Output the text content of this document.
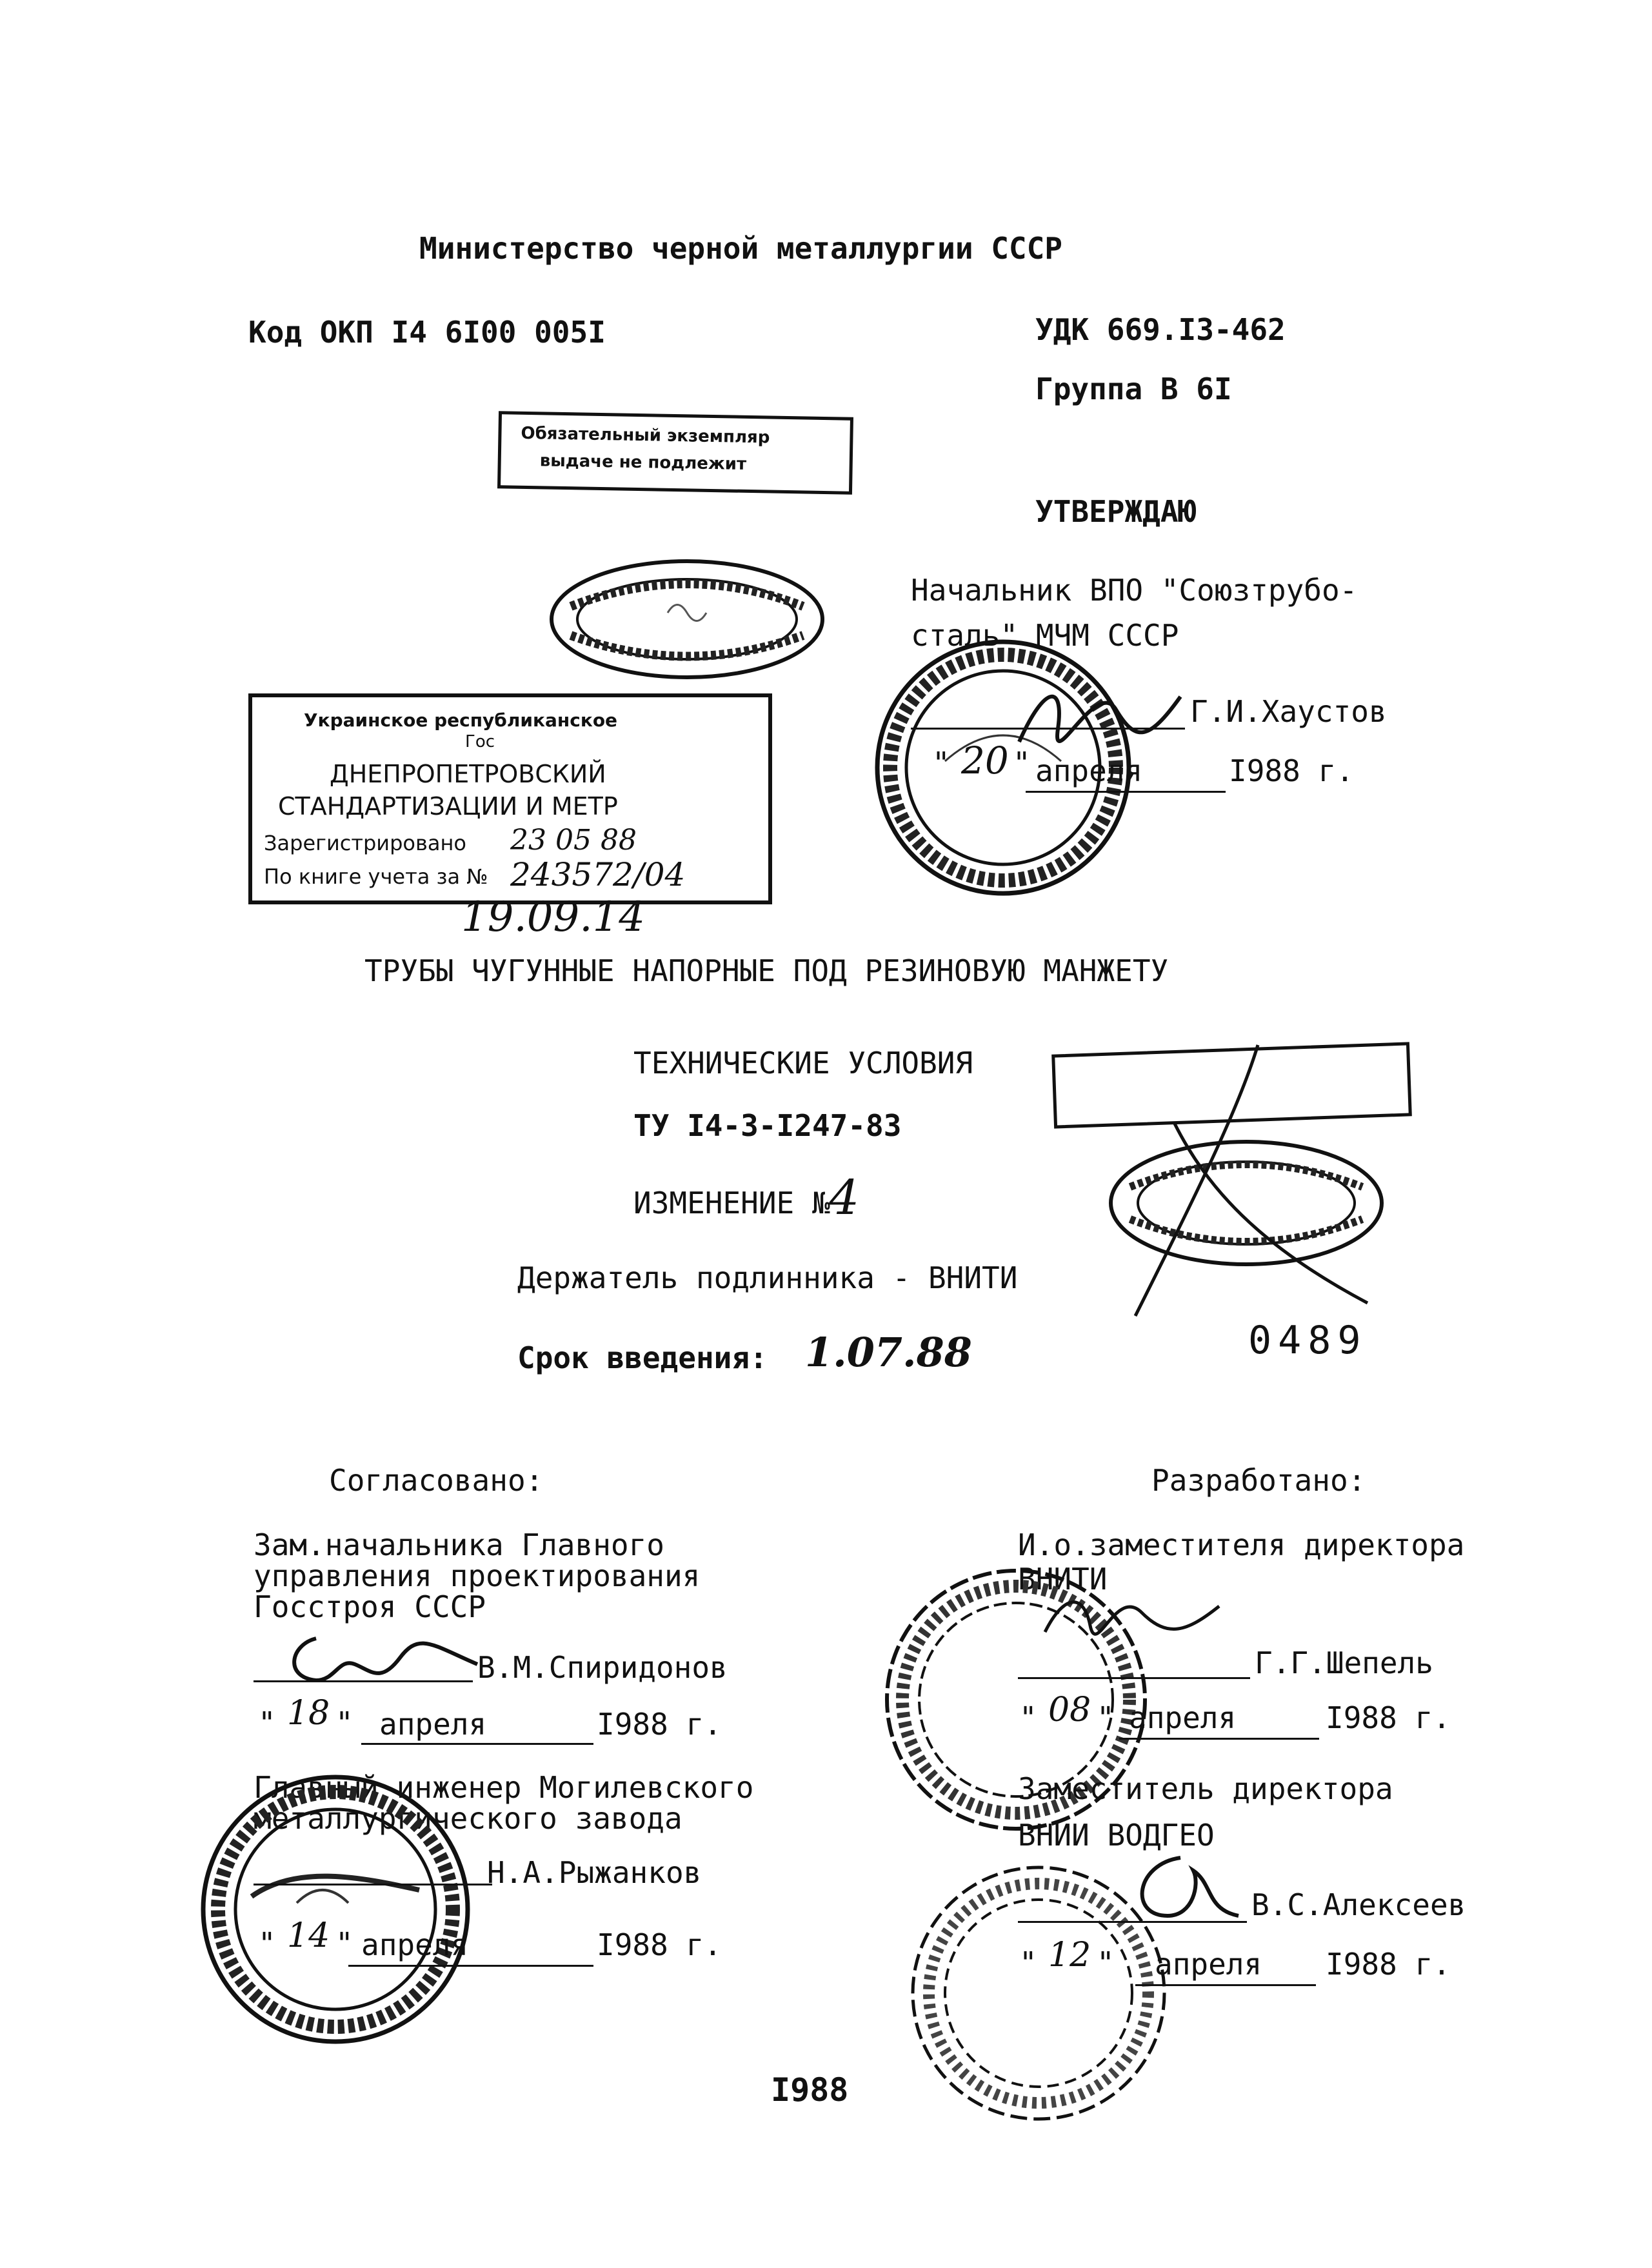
Министерство черной металлургии СССР
Код ОКП I4 6I00 005I	УДК 669.I3-462
Группа В 6I
Обязательный экземпляр
выдаче не подлежит
УТВЕРЖДАЮ
Начальник ВПО "Союзтрубо-
сталь" МЧМ СССР
Украинское республиканское
Гос
ДНЕПРОПЕТРОВСКИЙ
СТАНДАРТИЗАЦИИ И МЕТР
Зарегистрировано 23 05 88
По книге учета за № 243572/04
19.09.14
Г.И.Хаустов
20
" " апреля	I988 г.
ТРУБЫ ЧУГУННЫЕ НАПОРНЫЕ ПОД РЕЗИНОВУЮ МАНЖЕТУ
ТЕХНИЧЕСКИЕ УСЛОВИЯ
ТУ I4-3-I247-83
ИЗМЕНЕНИЕ №
4
Держатель подлинника - ВНИТИ
Срок введения: 1.07.88	0489
Согласовано:
Зам.начальника Главного
управления проектирования
Госстроя СССР
В.М.Спиридонов
" 18 " апреля	I988 г.
Главный инженер Могилевского
металлургического завода
Н.А.Рыжанков
" 14 " апреля	I988 г.
Разработано:
И.о.заместителя директора
ВНИТИ
Г.Г.Шепель
" 08 " апреля	I988 г.
Заместитель директора
ВНИИ ВОДГЕО
В.С.Алексеев
" 12 " апреля I988 г.
I988
